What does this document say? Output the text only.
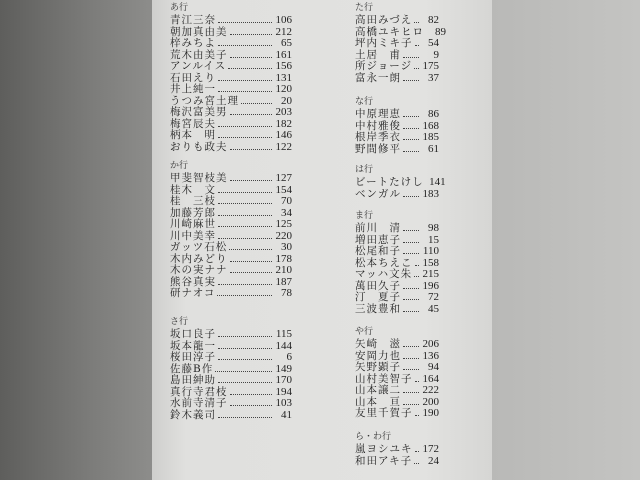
あ行
青江三奈	106
朝加真由美	212
梓みちよ	65
荒木由美子	161
アンルイス	156
石田えり	131
井上純一	120
うつみ宮土理	20
梅沢富美男	203
梅宮辰夫	182
柄本　明	146
おりも政夫	122
か行
甲斐智枝美	127
桂木　文	154
桂　三枝	70
加藤芳郎	34
川崎麻世	125
川中美幸	220
ガッツ石松	30
木内みどり	178
木の実ナナ	210
熊谷真実	187
研ナオコ	78
さ行
坂口良子	115
坂本龍一	144
桜田淳子	6
佐藤B作	149
島田紳助	170
真行寺君枝	194
水前寺清子	103
鈴木義司	41
た行
高田みづえ	82
高橋ユキヒロ	89
坪内ミキ子	54
土居　甫	9
所ジョージ 175
富永一朗	37
な行
中原理恵	86
中村雅俊 168
根岸季衣 185
野間修平	61
は行
ビートたけし 141
ベンガル 183
ま行
前川　清	98
増田恵子	15
松尾和子 110
松本ちえこ 158
マッハ文朱 215
萬田久子 196
汀　夏子	72
三波豊和	45
や行
矢崎　滋 206
安岡力也 136
矢野顕子	94
山村美智子 164
山本譲二 222
山本　亘 200
友里千賀子 190
ら・わ行
嵐ヨシユキ 172
和田アキ子	24
